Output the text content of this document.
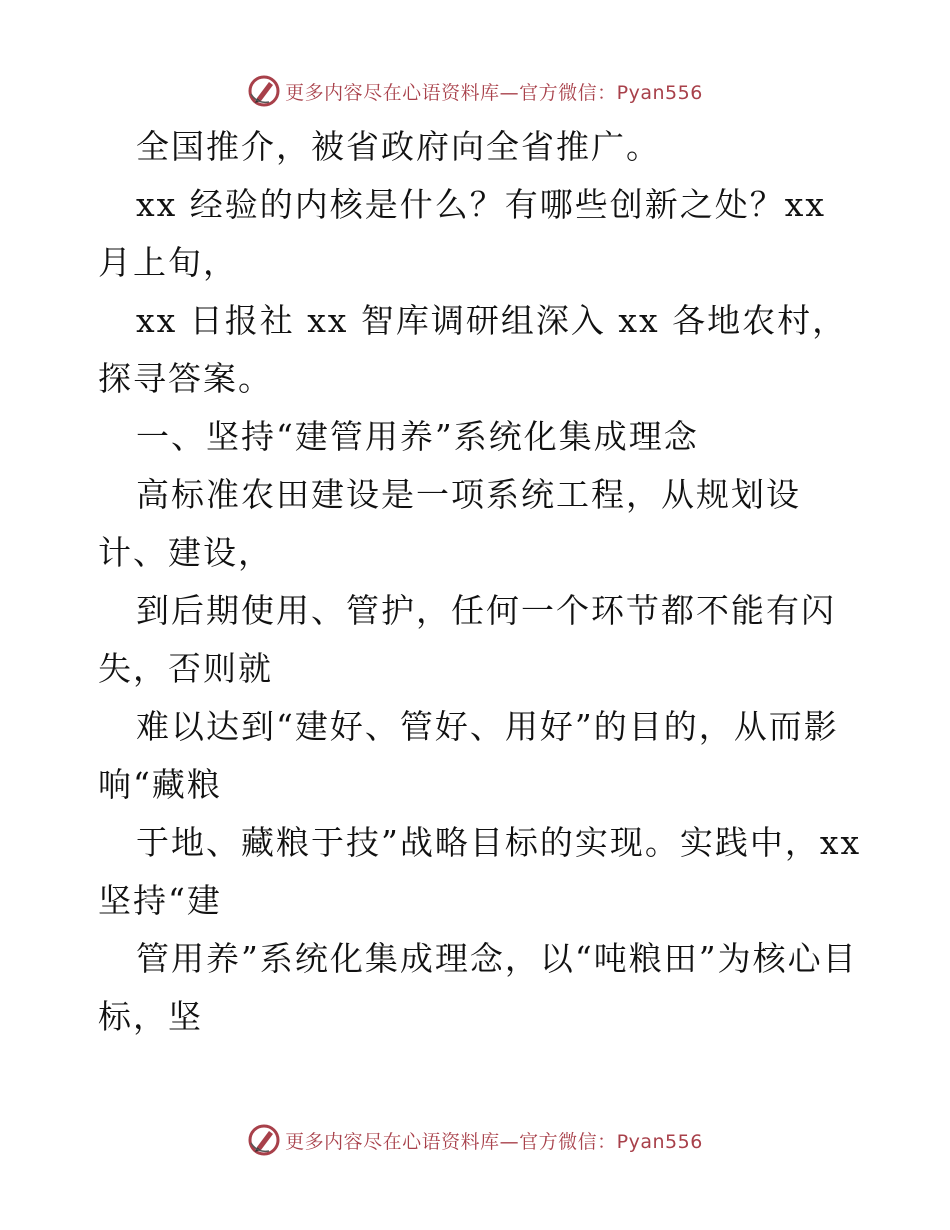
更多内容尽在心语资料库— 官方微信：Pyan556

全国推介，被省政府向全省推广。

xx 经验的内核是什么？有哪些创新之处？xx 月上旬，

xx 日报社 xx 智库调研组深入 xx 各地农村，探寻答案。

一、坚持“建管用养”系统化集成理念

高标准农田建设是一项系统工程，从规划设计、建设，

到后期使用、管护，任何一个环节都不能有闪失，否则就

难以达到“建好、管好、用好”的目的，从而影响“藏粮

于地、藏粮于技”战略目标的实现。实践中，xx 坚持“建

管用养”系统化集成理念，以“吨粮田”为核心目标，坚

更多内容尽在心语资料库— 官方微信：Pyan556
